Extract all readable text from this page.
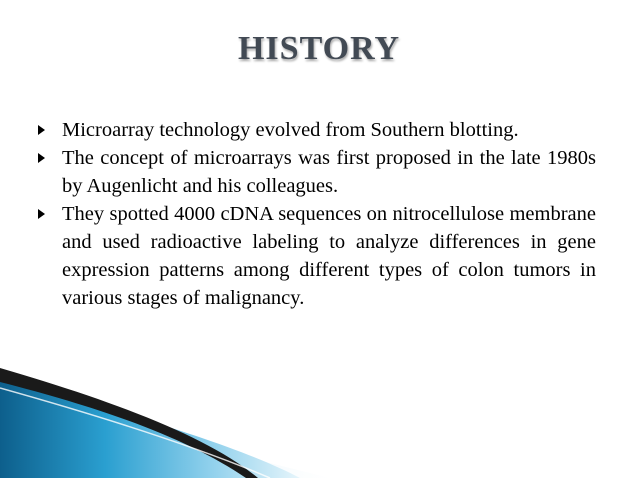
HISTORY
Microarray technology evolved from Southern blotting.
The concept of microarrays was first proposed in the late 1980s by Augenlicht and his colleagues.
They spotted 4000 cDNA sequences on nitrocellulose membrane and used radioactive labeling to analyze differences in gene expression patterns among different types of colon tumors in various stages of malignancy.
